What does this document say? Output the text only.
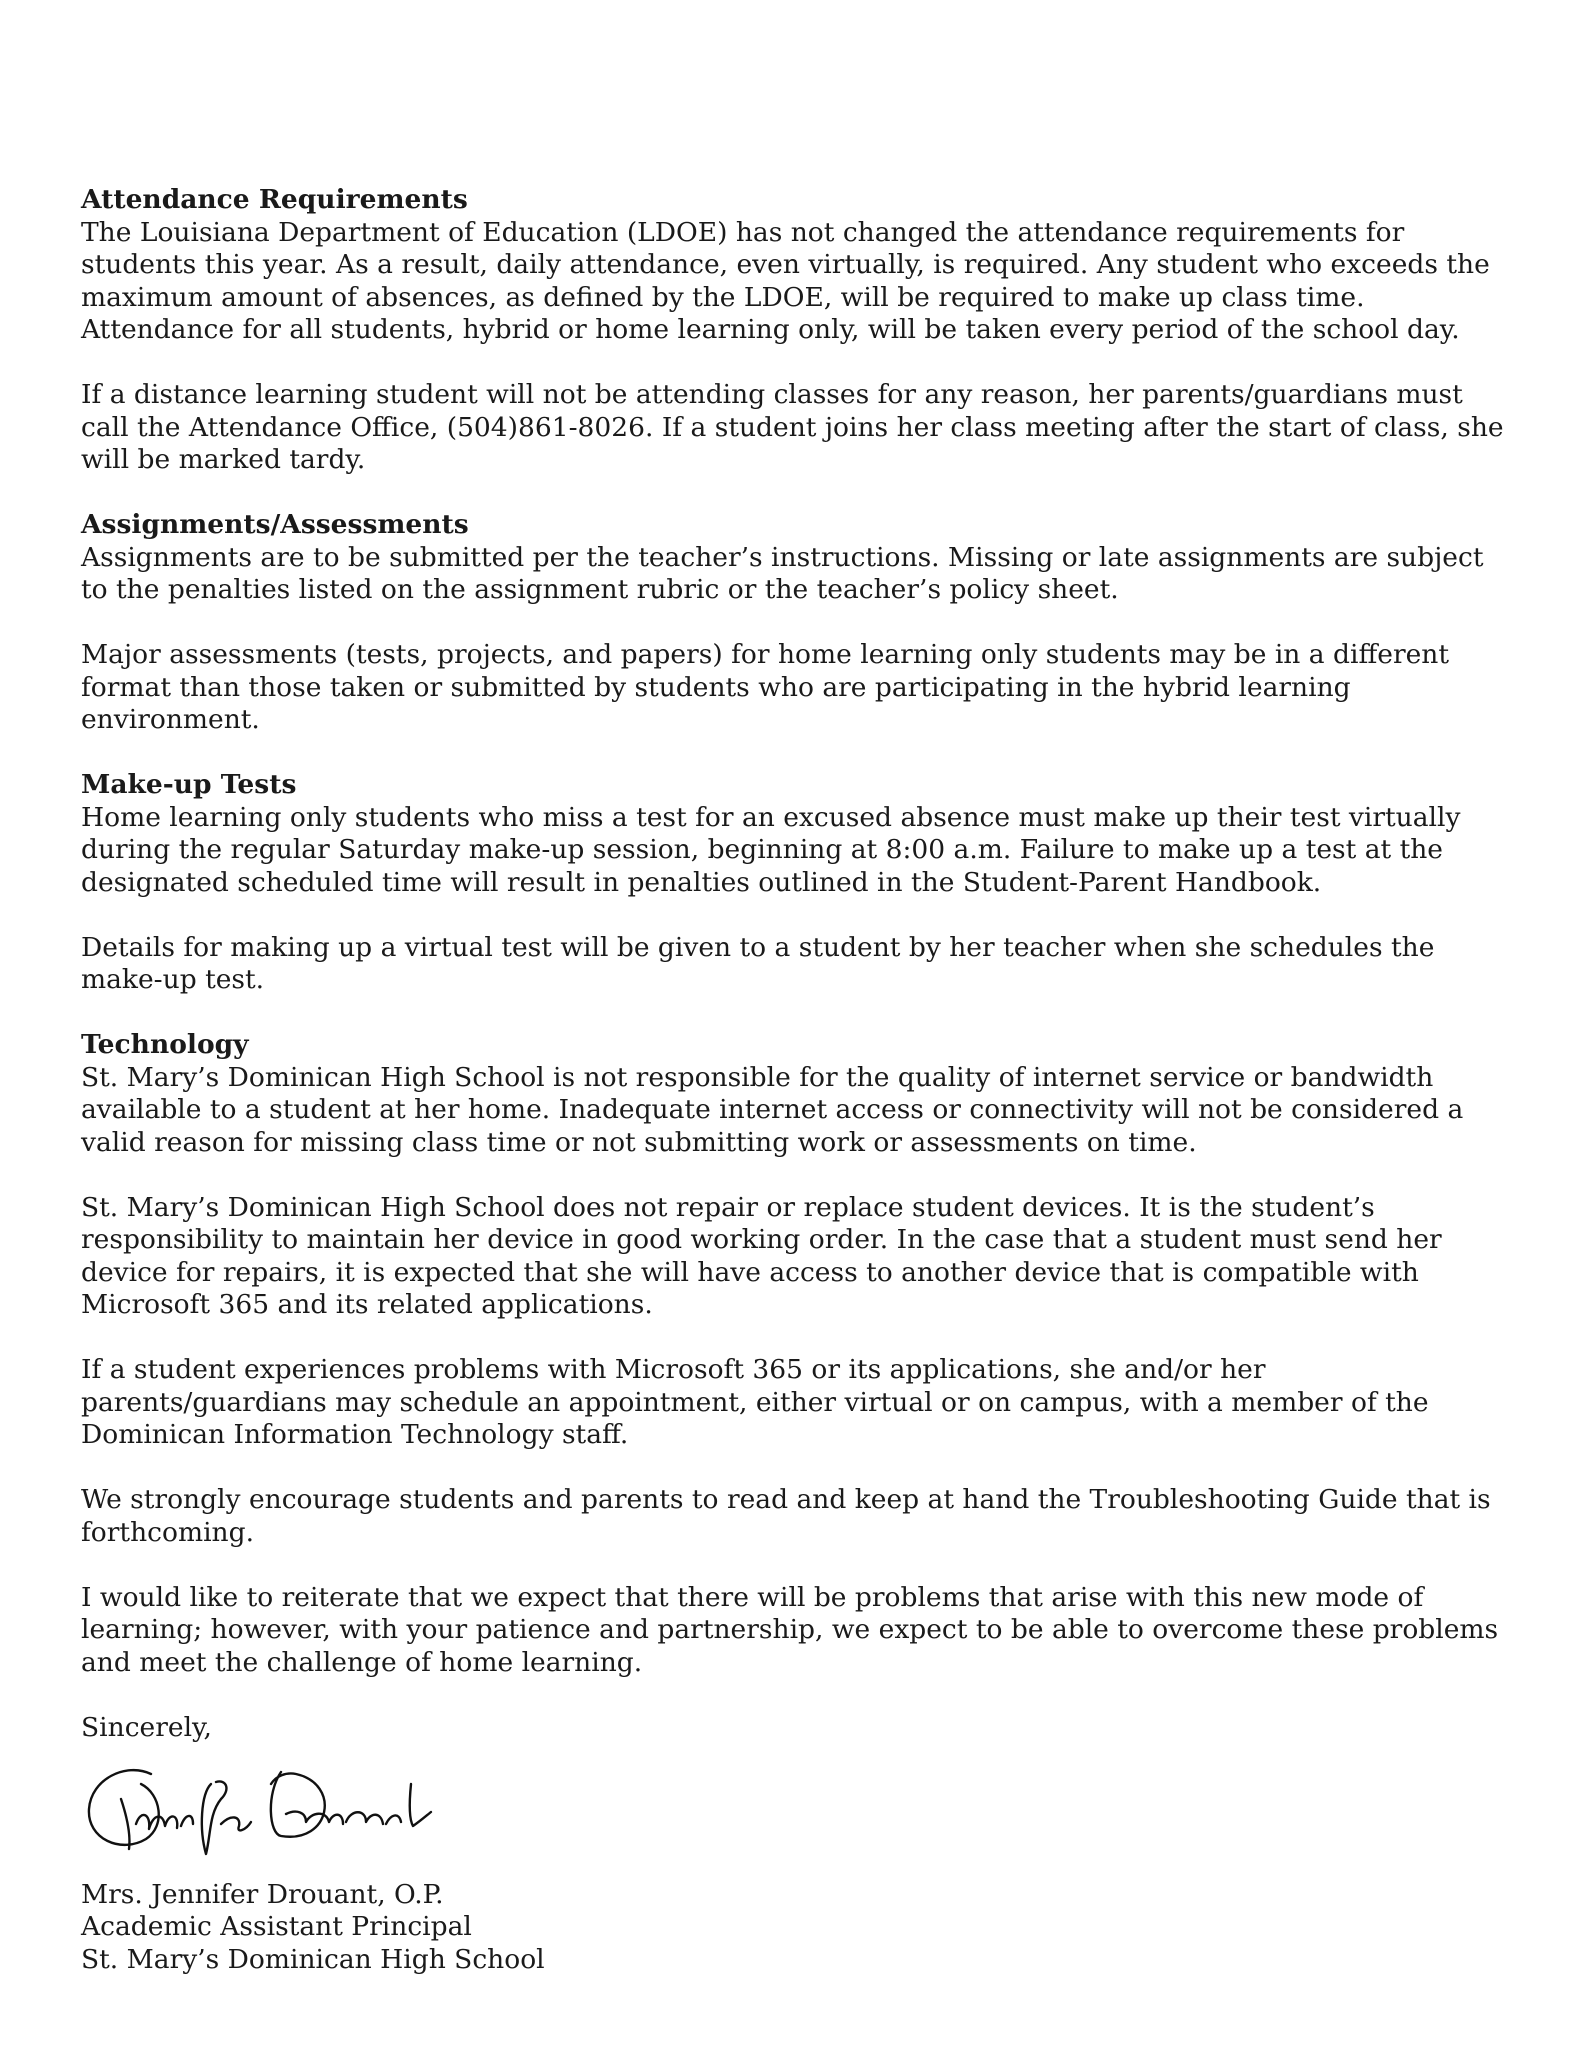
Attendance Requirements

The Louisiana Department of Education (LDOE) has not changed the attendance requirements for students this year. As a result, daily attendance, even virtually, is required. Any student who exceeds the maximum amount of absences, as defined by the LDOE, will be required to make up class time. Attendance for all students, hybrid or home learning only, will be taken every period of the school day.

If a distance learning student will not be attending classes for any reason, her parents/guardians must call the Attendance Office, (504)861-8026. If a student joins her class meeting after the start of class, she will be marked tardy.

Assignments/Assessments

Assignments are to be submitted per the teacher’s instructions. Missing or late assignments are subject to the penalties listed on the assignment rubric or the teacher’s policy sheet.

Major assessments (tests, projects, and papers) for home learning only students may be in a different format than those taken or submitted by students who are participating in the hybrid learning environment.

Make-up Tests

Home learning only students who miss a test for an excused absence must make up their test virtually during the regular Saturday make-up session, beginning at 8:00 a.m. Failure to make up a test at the designated scheduled time will result in penalties outlined in the Student-Parent Handbook.

Details for making up a virtual test will be given to a student by her teacher when she schedules the make-up test.

Technology

St. Mary’s Dominican High School is not responsible for the quality of internet service or bandwidth available to a student at her home. Inadequate internet access or connectivity will not be considered a valid reason for missing class time or not submitting work or assessments on time.

St. Mary’s Dominican High School does not repair or replace student devices. It is the student’s responsibility to maintain her device in good working order. In the case that a student must send her device for repairs, it is expected that she will have access to another device that is compatible with Microsoft 365 and its related applications.

If a student experiences problems with Microsoft 365 or its applications, she and/or her parents/guardians may schedule an appointment, either virtual or on campus, with a member of the Dominican Information Technology staff.

We strongly encourage students and parents to read and keep at hand the Troubleshooting Guide that is forthcoming.

I would like to reiterate that we expect that there will be problems that arise with this new mode of learning; however, with your patience and partnership, we expect to be able to overcome these problems and meet the challenge of home learning.

Sincerely,

Mrs. Jennifer Drouant, O.P.

Academic Assistant Principal

St. Mary’s Dominican High School
